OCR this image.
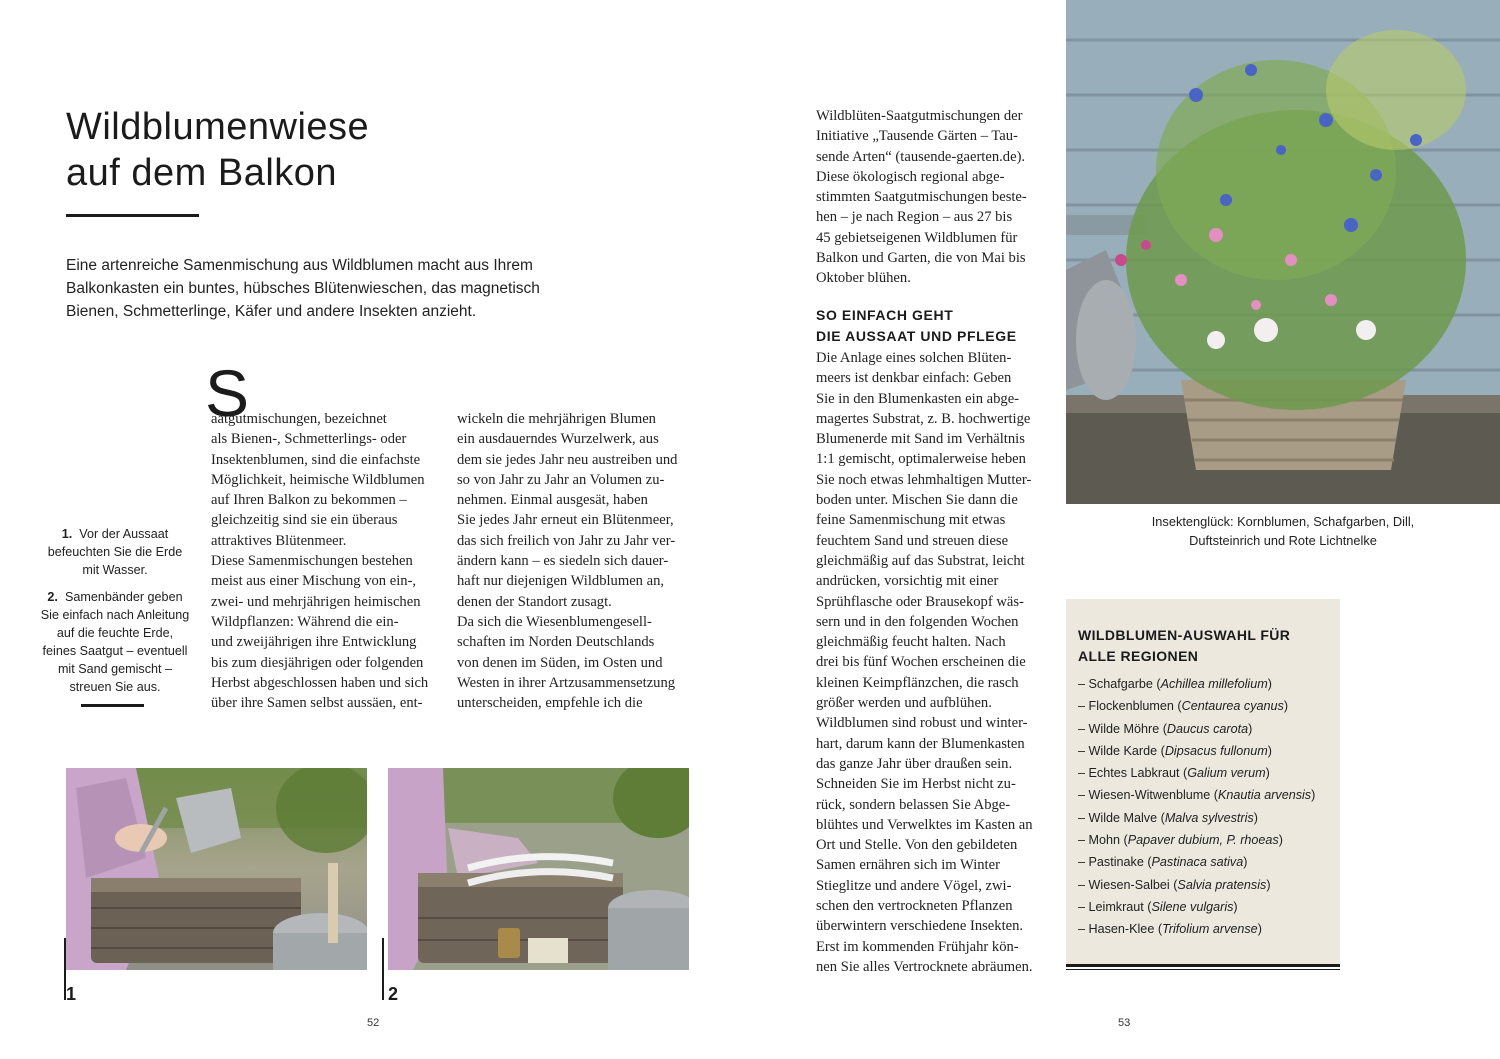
Wildblumenwiese
auf dem Balkon

Eine artenreiche Samenmischung aus Wildblumen macht aus Ihrem
Balkonkasten ein buntes, hübsches Blütenwieschen, das magnetisch
Bienen, Schmetterlinge, Käfer und andere Insekten anzieht.

S
aatgutmischungen, bezeichnet
als Bienen-, Schmetterlings- oder
Insektenblumen, sind die einfachste
Möglichkeit, heimische Wildblumen
auf Ihren Balkon zu bekommen –
gleichzeitig sind sie ein überaus
attraktives Blütenmeer.
Diese Samenmischungen bestehen
meist aus einer Mischung von ein-,
zwei- und mehrjährigen heimischen
Wildpflanzen: Während die ein-
und zweijährigen ihre Entwicklung
bis zum diesjährigen oder folgenden
Herbst abgeschlossen haben und sich
über ihre Samen selbst aussäen, ent-
wickeln die mehrjährigen Blumen
ein ausdauerndes Wurzelwerk, aus
dem sie jedes Jahr neu austreiben und
so von Jahr zu Jahr an Volumen zu-
nehmen. Einmal ausgesät, haben
Sie jedes Jahr erneut ein Blütenmeer,
das sich freilich von Jahr zu Jahr ver-
ändern kann – es siedeln sich dauer-
haft nur diejenigen Wildblumen an,
denen der Standort zusagt.
Da sich die Wiesenblumengesell-
schaften im Norden Deutschlands
von denen im Süden, im Osten und
Westen in ihrer Artzusammensetzung
unterscheiden, empfehle ich die
1. Vor der Aussaat
befeuchten Sie die Erde
mit Wasser.
2. Samenbänder geben
Sie einfach nach Anleitung
auf die feuchte Erde,
feines Saatgut – eventuell
mit Sand gemischt –
streuen Sie aus.
1	2
52
Wildblüten-Saatgutmischungen der
Initiative „Tausende Gärten – Tau-
sende Arten“ (tausende-gaerten.de).
Diese ökologisch regional abge-
stimmten Saatgutmischungen beste-
hen – je nach Region – aus 27 bis
45 gebietseigenen Wildblumen für
Balkon und Garten, die von Mai bis
Oktober blühen.
SO EINFACH GEHT
DIE AUSSAAT UND PFLEGE
Die Anlage eines solchen Blüten-
meers ist denkbar einfach: Geben
Sie in den Blumenkasten ein abge-
magertes Substrat, z. B. hochwertige
Blumenerde mit Sand im Verhältnis
1:1 gemischt, optimalerweise heben
Sie noch etwas lehmhaltigen Mutter-
boden unter. Mischen Sie dann die
feine Samenmischung mit etwas
feuchtem Sand und streuen diese
gleichmäßig auf das Substrat, leicht
andrücken, vorsichtig mit einer
Sprühflasche oder Brausekopf wäs-
sern und in den folgenden Wochen
gleichmäßig feucht halten. Nach
drei bis fünf Wochen erscheinen die
kleinen Keimpflänzchen, die rasch
größer werden und aufblühen.
Wildblumen sind robust und winter-
hart, darum kann der Blumenkasten
das ganze Jahr über draußen sein.
Schneiden Sie im Herbst nicht zu-
rück, sondern belassen Sie Abge-
blühtes und Verwelktes im Kasten an
Ort und Stelle. Von den gebildeten
Samen ernähren sich im Winter
Stieglitze und andere Vögel, zwi-
schen den vertrockneten Pflanzen
überwintern verschiedene Insekten.
Erst im kommenden Frühjahr kön-
nen Sie alles Vertrocknete abräumen.
Insektenglück: Kornblumen, Schafgarben, Dill,
Duftsteinrich und Rote Lichtnelke
WILDBLUMEN-AUSWAHL FÜR
ALLE REGIONEN
– Schafgarbe (Achillea millefolium)
– Flockenblumen (Centaurea cyanus)
– Wilde Möhre (Daucus carota)
– Wilde Karde (Dipsacus fullonum)
– Echtes Labkraut (Galium verum)
– Wiesen-Witwenblume (Knautia arvensis)
– Wilde Malve (Malva sylvestris)
– Mohn (Papaver dubium, P. rhoeas)
– Pastinake (Pastinaca sativa)
– Wiesen-Salbei (Salvia pratensis)
– Leimkraut (Silene vulgaris)
– Hasen-Klee (Trifolium arvense)
53
